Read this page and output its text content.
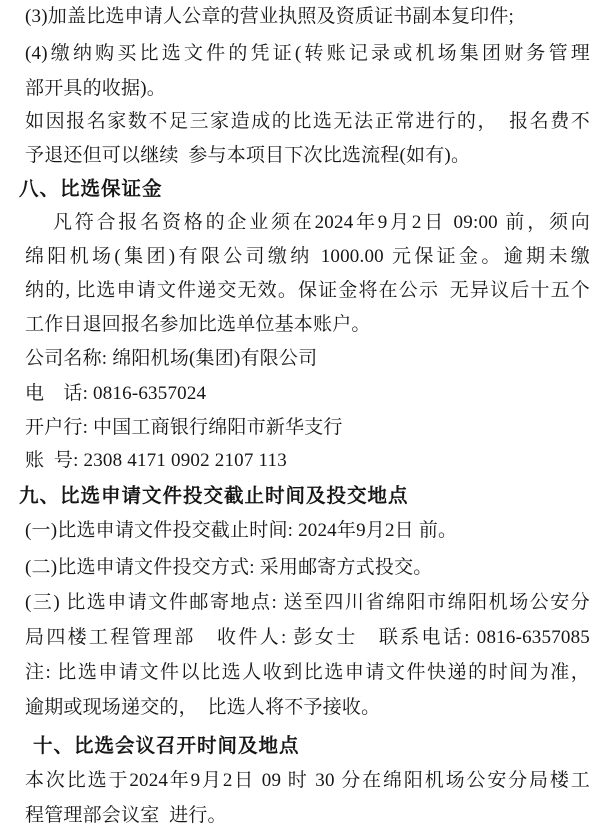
(3)加盖比选申请人公章的营业执照及资质证书副本复印件;
(4)缴纳购买比选文件的凭证(转账记录或机场集团财务管理
部开具的收据)。
如因报名家数不足三家造成的比选无法正常进行的， 报名费不
予退还但可以继续 参与本项目下次比选流程(如有)。
八、比选保证金
凡符合报名资格的企业须在2024年9月2日 09:00 前，须向
绵阳机场(集团)有限公司缴纳 1000.00 元保证金。逾期未缴
纳的, 比选申请文件递交无效。保证金将在公示 无异议后十五个
工作日退回报名参加比选单位基本账户。
公司名称: 绵阳机场(集团)有限公司
电　话: 0816-6357024
开户行: 中国工商银行绵阳市新华支行
账 号: 2308 4171 0902 2107 113
九、比选申请文件投交截止时间及投交地点
(一)比选申请文件投交截止时间: 2024年9月2日 前。
(二)比选申请文件投交方式: 采用邮寄方式投交。
(三) 比选申请文件邮寄地点: 送至四川省绵阳市绵阳机场公安分
局四楼工程管理部　收件人: 彭女士　联系电话: 0816-6357085
注: 比选申请文件以比选人收到比选申请文件快递的时间为准，
逾期或现场递交的， 比选人将不予接收。
十、比选会议召开时间及地点
本次比选于2024年9月2日 09 时 30 分在绵阳机场公安分局楼工
程管理部会议室 进行。
